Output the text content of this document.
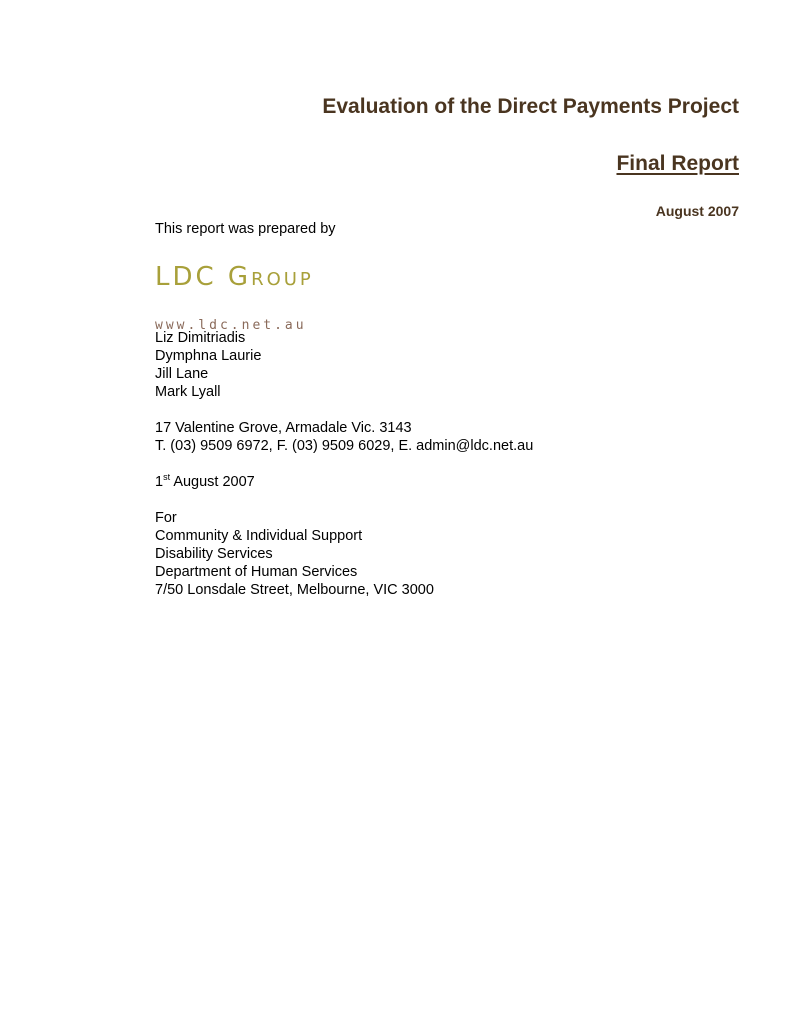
Evaluation of the Direct Payments Project
Final Report
August 2007
This report was prepared by
LDC Group
www.ldc.net.au
Liz Dimitriadis
Dymphna Laurie
Jill Lane
Mark Lyall
17 Valentine Grove, Armadale Vic. 3143
T. (03) 9509 6972, F. (03) 9509 6029, E. admin@ldc.net.au
1st August 2007
For
Community & Individual Support
Disability Services
Department of Human Services
7/50 Lonsdale Street, Melbourne, VIC 3000
